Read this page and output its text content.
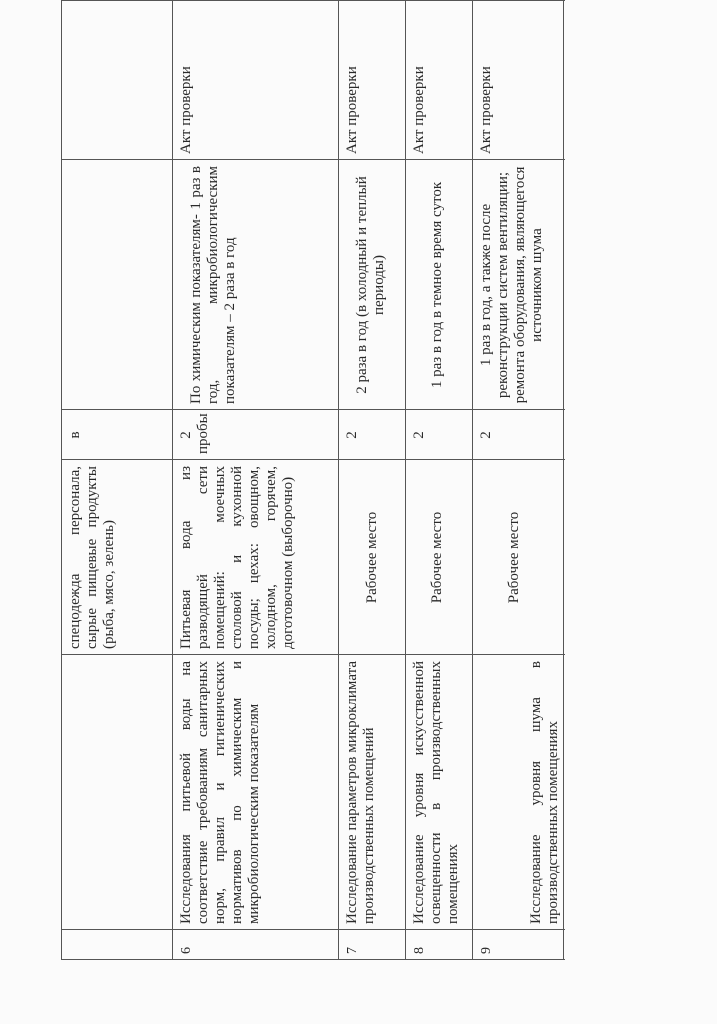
спецодежда персонала, сырые пищевые продукты (рыба, мясо, зелень)
в
6
Исследования питьевой воды на соответствие требованиям санитарных норм, правил и гигиенических нормативов по химическим и микробиологическим показателям
Питьевая вода из разводящей сети помещений: моечных столовой и кухонной посуды; цехах: овощном, холодном, горячем, доготовочном (выборочно)
2 пробы
По химическим показателям- 1 раз в год, микробиологическим показателям – 2 раза в год
Акт проверки
7
Исследование параметров микроклимата производственных помещений
Рабочее место
2
2 раза в год (в холодный и теплый периоды)
Акт проверки
8
Исследование уровня искусственной освещенности в производственных помещениях
Рабочее место
2
1 раз в год в темное время суток
Акт проверки
9
Исследование уровня шума в производственных помещениях
Рабочее место
2
1 раз в год, а также после реконструкции систем вентиляции; ремонта оборудования, являющегося источником шума
Акт проверки
